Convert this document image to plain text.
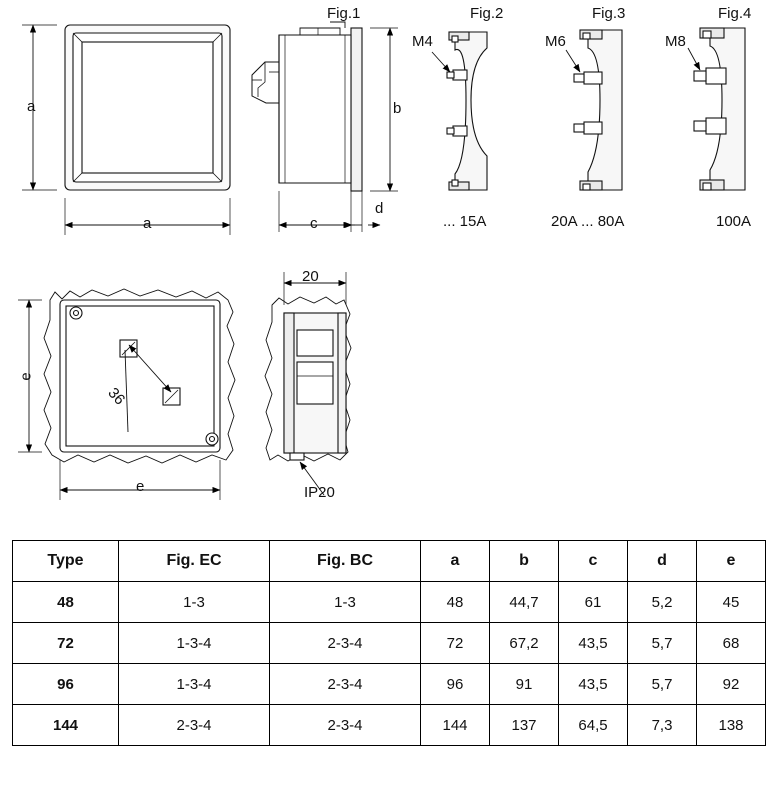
Fig.1	Fig.2	Fig.3	Fig.4
a
a
b
c
d
M4	M6	M8
... 15A	20A ... 80A	100A
e
e
20
36
IP20
Type	Fig. EC	Fig. BC	a	b	c	d	e
48	1-3	1-3	48	44,7	61	5,2	45
72	1-3-4	2-3-4	72	67,2	43,5	5,7	68
96	1-3-4	2-3-4	96	91	43,5	5,7	92
144	2-3-4	2-3-4	144	137	64,5	7,3	138
